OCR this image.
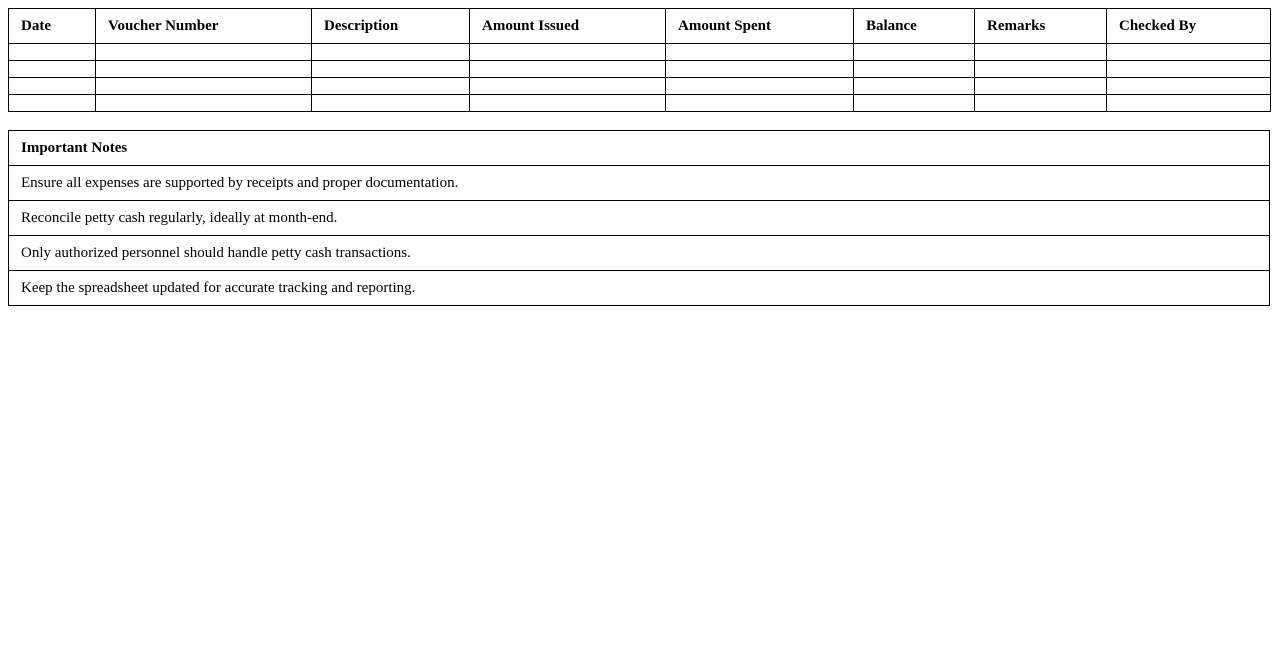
Date	Voucher Number	Description	Amount Issued	Amount Spent	Balance	Remarks	Checked By

Important Notes
Ensure all expenses are supported by receipts and proper documentation.
Reconcile petty cash regularly, ideally at month-end.
Only authorized personnel should handle petty cash transactions.
Keep the spreadsheet updated for accurate tracking and reporting.
